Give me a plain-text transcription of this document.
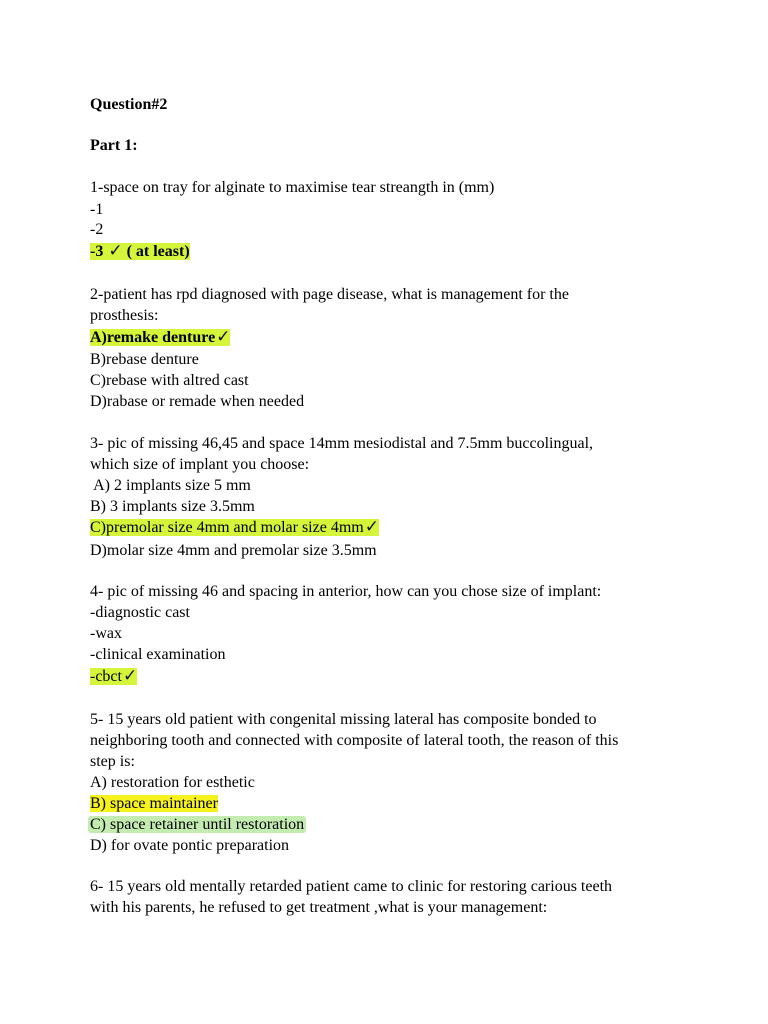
Question#2
Part 1:
1-space on tray for alginate to maximise tear streangth in (mm)
-1
-2
-3 ✓ ( at least)
2-patient has rpd diagnosed with page disease, what is management for the
prosthesis:
A)remake denture✓
B)rebase denture
C)rebase with altred cast
D)rabase or remade when needed
3- pic of missing 46,45 and space 14mm mesiodistal and 7.5mm buccolingual,
which size of implant you choose:
A) 2 implants size 5 mm
B) 3 implants size 3.5mm
C)premolar size 4mm and molar size 4mm✓
D)molar size 4mm and premolar size 3.5mm
4- pic of missing 46 and spacing in anterior, how can you chose size of implant:
-diagnostic cast
-wax
-clinical examination
-cbct✓
5- 15 years old patient with congenital missing lateral has composite bonded to
neighboring tooth and connected with composite of lateral tooth, the reason of this
step is:
A) restoration for esthetic
B) space maintainer
C) space retainer until restoration
D) for ovate pontic preparation
6- 15 years old mentally retarded patient came to clinic for restoring carious teeth
with his parents, he refused to get treatment ,what is your management:
